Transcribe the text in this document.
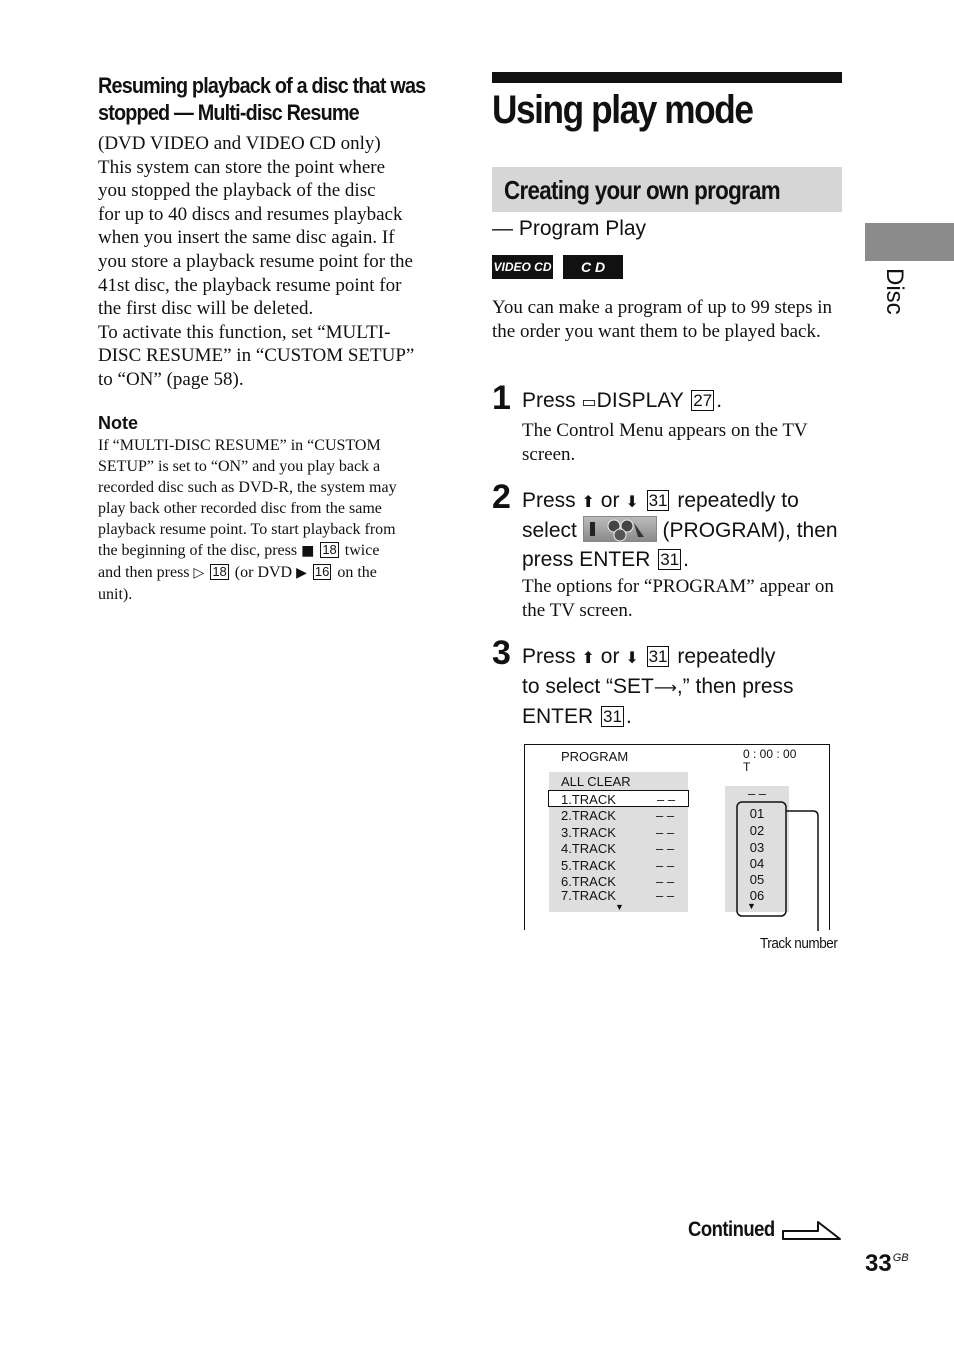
Resuming playback of a disc that was
stopped — Multi-disc Resume
(DVD VIDEO and VIDEO CD only)
This system can store the point where
you stopped the playback of the disc
for up to 40 discs and resumes playback
when you insert the same disc again. If
you store a playback resume point for the
41st disc, the playback resume point for
the first disc will be deleted.
To activate this function, set “MULTI-
DISC RESUME” in “CUSTOM SETUP”
to “ON” (page 58).
Note
If “MULTI-DISC RESUME” in “CUSTOM
SETUP” is set to “ON” and you play back a
recorded disc such as DVD-R, the system may
play back other recorded disc from the same
playback resume point. To start playback from
the beginning of the disc, press ■ 18 twice
and then press ▷ 18 (or DVD ▶ 16 on the
unit).
Using play mode
Creating your own program
— Program Play
VIDEO CD	C D
You can make a program of up to 99 steps in the order you want them to be played back.
1 Press ▭DISPLAY 27 .
The Control Menu appears on the TV screen.
2 Press ⬆ or ⬇ 31 repeatedly to
select	(PROGRAM), then
press ENTER 31 .
The options for “PROGRAM” appear on the TV screen.
3 Press ⬆ or ⬇ 31 repeatedly
to select “SET⟶,” then press
ENTER 31 .
PROGRAM	0 : 00 : 00
T
ALL CLEAR
1.TRACK	– –
2.TRACK	– –
3.TRACK	– –
4.TRACK	– –
5.TRACK	– –
6.TRACK	– –
7.TRACK	– –
▼
– –
01
02
03
04
05
06
▼
Track number
Disc
Continued
$33^{GB}$
